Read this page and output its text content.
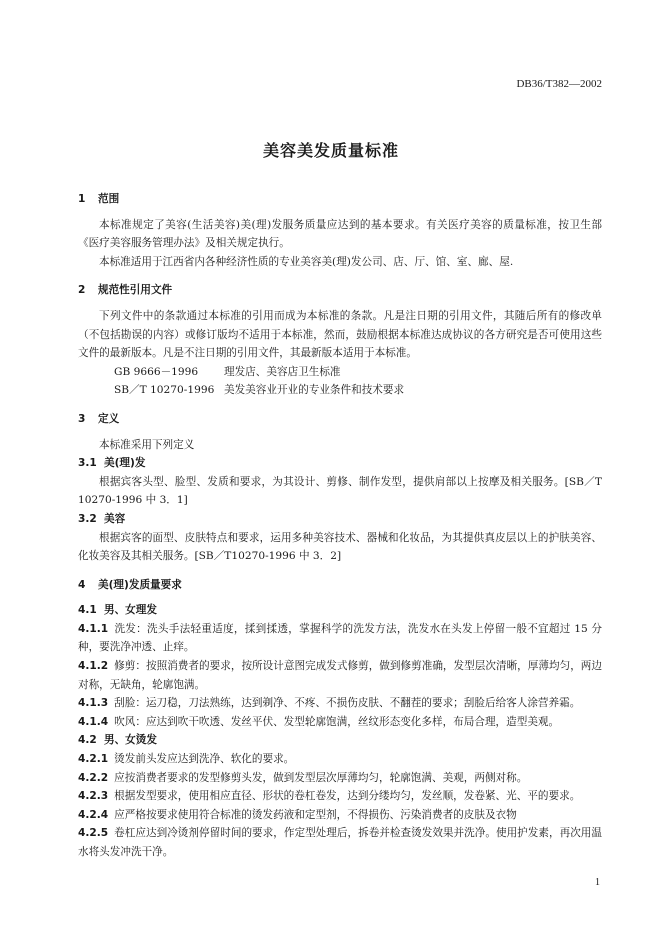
DB36/T382—2002
美容美发质量标准
1 范围
本标准规定了美容(生活美容)美(理)发服务质量应达到的基本要求。有关医疗美容的质量标准，按卫生部《医疗美容服务管理办法》及相关规定执行。
本标准适用于江西省内各种经济性质的专业美容美(理)发公司、店、厅、馆、室、廊、屋.
2 规范性引用文件
下列文件中的条款通过本标准的引用而成为本标准的条款。凡是注日期的引用文件，其随后所有的修改单（不包括勘误的内容）或修订版均不适用于本标准，然而，鼓励根据本标准达成协议的各方研究是否可使用这些文件的最新版本。凡是不注日期的引用文件，其最新版本适用于本标准。
GB 9666－1996 理发店、美容店卫生标准
SB／T 10270-1996 美发美容业开业的专业条件和技术要求
3 定义
本标准采用下列定义
3.1 美(理)发
根据宾客头型、脸型、发质和要求，为其设计、剪修、制作发型，提供肩部以上按摩及相关服务。[SB／T 10270-1996 中 3．1]
3.2 美容
根据宾客的面型、皮肤特点和要求，运用多种美容技术、器械和化妆品，为其提供真皮层以上的护肤美容、化妆美容及其相关服务。[SB／T10270-1996 中 3．2]
4 美(理)发质量要求
4.1 男、女理发
4.1.1 洗发：洗头手法轻重适度，揉到揉透，掌握科学的洗发方法，洗发水在头发上停留一般不宜超过 15 分种，要洗净冲透、止痒。
4.1.2 修剪：按照消费者的要求，按所设计意图完成发式修剪，做到修剪准确，发型层次清晰，厚薄均匀，两边对称，无缺角，轮廓饱满。
4.1.3 刮脸：运刀稳，刀法熟练，达到剃净、不疼、不损伤皮肤、不翻茬的要求；刮脸后给客人涂营养霜。
4.1.4 吹风：应达到吹干吹透、发丝平伏、发型轮廓饱满，丝纹形态变化多样，布局合理，造型美观。
4.2 男、女烫发
4.2.1 烫发前头发应达到洗净、软化的要求。
4.2.2 应按消费者要求的发型修剪头发，做到发型层次厚薄均匀，轮廓饱满、美观，两侧对称。
4.2.3 根据发型要求，使用相应直径、形状的卷杠卷发，达到分缕均匀，发丝顺，发卷紧、光、平的要求。
4.2.4 应严格按要求使用符合标准的烫发药液和定型剂，不得损伤、污染消费者的皮肤及衣物
4.2.5 卷杠应达到冷烫剂停留时间的要求，作定型处理后，拆卷并检查烫发效果并洗净。使用护发素，再次用温水将头发冲洗干净。
1
